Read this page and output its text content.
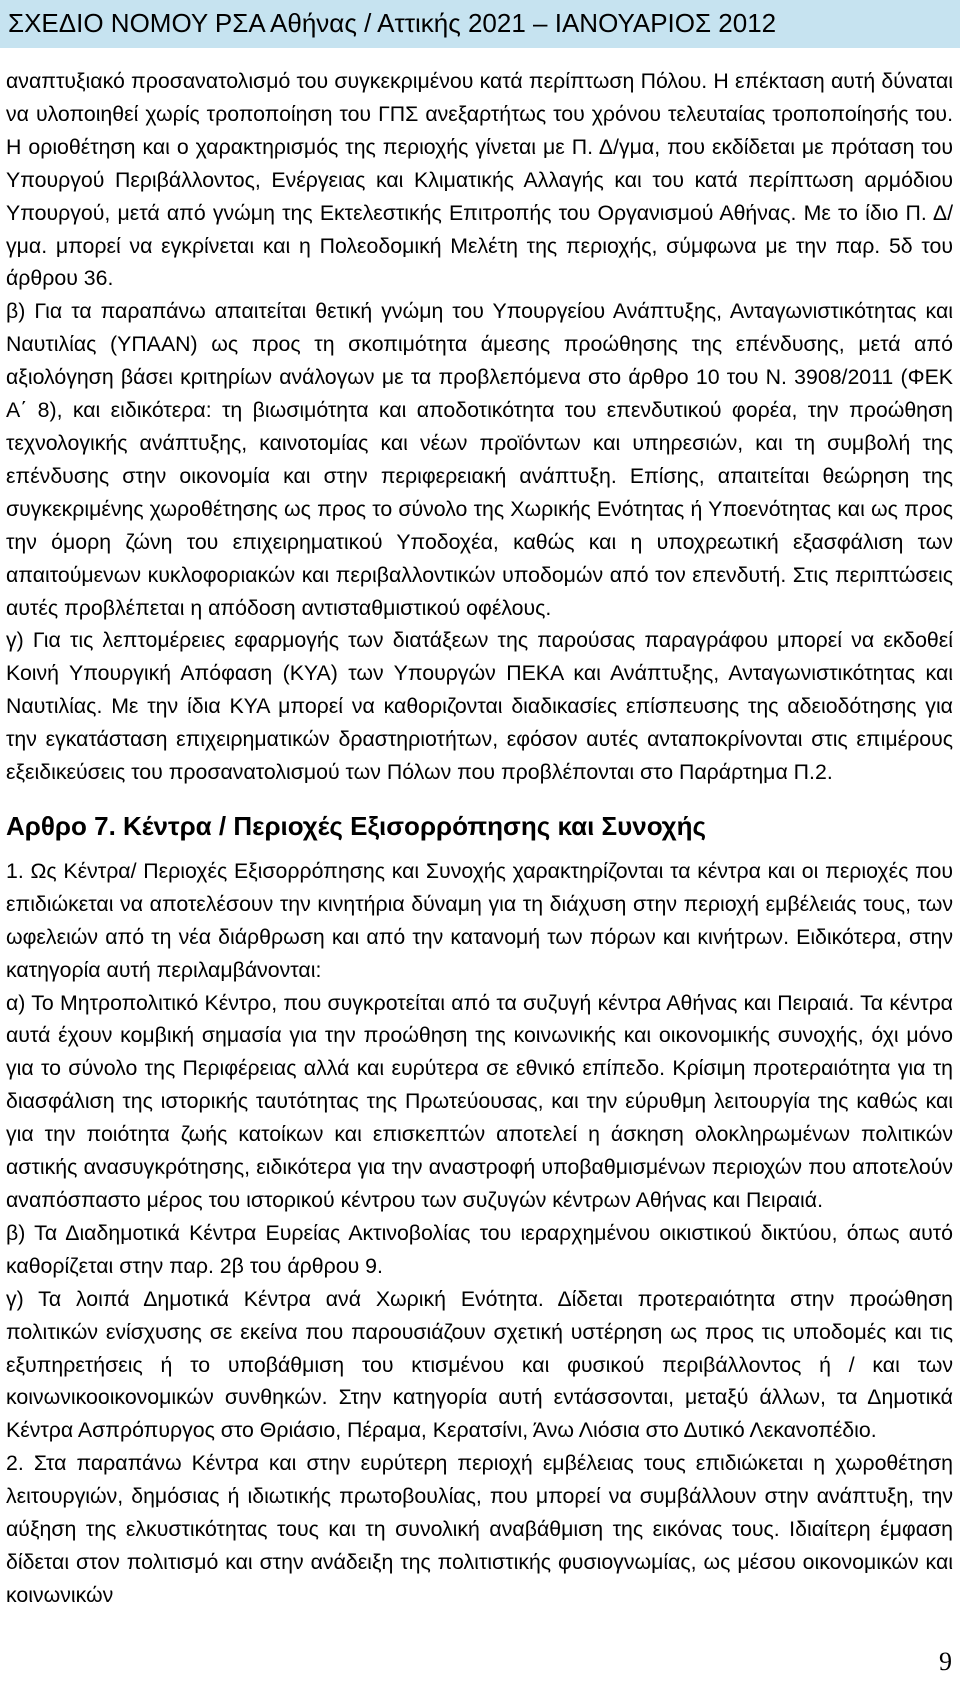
ΣΧΕΔΙΟ ΝΟΜΟΥ ΡΣΑ Αθήνας / Αττικής 2021 – ΙΑΝΟΥΑΡΙΟΣ 2012

αναπτυξιακό προσανατολισμό του συγκεκριμένου κατά περίπτωση Πόλου. Η επέκταση αυτή δύναται να υλοποιηθεί χωρίς τροποποίηση του ΓΠΣ ανεξαρτήτως του χρόνου τελευταίας τροποποίησής του. Η οριοθέτηση και ο χαρακτηρισμός της περιοχής γίνεται με Π. Δ/γμα, που εκδίδεται με πρόταση του Υπουργού Περιβάλλοντος, Ενέργειας και Κλιματικής Αλλαγής και του κατά περίπτωση αρμόδιου Υπουργού, μετά από γνώμη της Εκτελεστικής Επιτροπής του Οργανισμού Αθήνας. Με το ίδιο Π. Δ/γμα. μπορεί να εγκρίνεται και η Πολεοδομική Μελέτη της περιοχής, σύμφωνα με την παρ. 5δ του άρθρου 36.

β) Για τα παραπάνω απαιτείται θετική γνώμη του Υπουργείου Ανάπτυξης, Ανταγωνιστικότητας και Ναυτιλίας (ΥΠΑΑΝ) ως προς τη σκοπιμότητα άμεσης προώθησης της επένδυσης, μετά από αξιολόγηση βάσει κριτηρίων ανάλογων με τα προβλεπόμενα στο άρθρο 10 του Ν. 3908/2011 (ΦΕΚ Α΄ 8), και ειδικότερα: τη βιωσιμότητα και αποδοτικότητα του επενδυτικού φορέα, την προώθηση τεχνολογικής ανάπτυξης, καινοτομίας και νέων προϊόντων και υπηρεσιών, και τη συμβολή της επένδυσης στην οικονομία και στην περιφερειακή ανάπτυξη. Επίσης, απαιτείται θεώρηση της συγκεκριμένης χωροθέτησης ως προς το σύνολο της Χωρικής Ενότητας ή Υποενότητας και ως προς την όμορη ζώνη του επιχειρηματικού Υποδοχέα, καθώς και η υποχρεωτική εξασφάλιση των απαιτούμενων κυκλοφοριακών και περιβαλλοντικών υποδομών από τον επενδυτή. Στις περιπτώσεις αυτές προβλέπεται η απόδοση αντισταθμιστικού οφέλους.

γ) Για τις λεπτομέρειες εφαρμογής των διατάξεων της παρούσας παραγράφου μπορεί να εκδοθεί Κοινή Υπουργική Απόφαση (ΚΥΑ) των Υπουργών ΠΕΚΑ και Ανάπτυξης, Ανταγωνιστικότητας και Ναυτιλίας. Με την ίδια ΚΥΑ μπορεί να καθοριζονται διαδικασίες επίσπευσης της αδειοδότησης για την εγκατάσταση επιχειρηματικών δραστηριοτήτων, εφόσον αυτές ανταποκρίνονται στις επιμέρους εξειδικεύσεις του προσανατολισμού των Πόλων που προβλέπονται στο Παράρτημα Π.2.

Αρθρο 7. Κέντρα / Περιοχές Εξισορρόπησης και Συνοχής

1. Ως Κέντρα/ Περιοχές Εξισορρόπησης και Συνοχής χαρακτηρίζονται τα κέντρα και οι περιοχές που επιδιώκεται να αποτελέσουν την κινητήρια δύναμη για τη διάχυση στην περιοχή εμβέλειάς τους, των ωφελειών από τη νέα διάρθρωση και από την κατανομή των πόρων και κινήτρων. Ειδικότερα, στην κατηγορία αυτή περιλαμβάνονται:

α) Το Μητροπολιτικό Κέντρο, που συγκροτείται από τα συζυγή κέντρα Αθήνας και Πειραιά. Τα κέντρα αυτά έχουν κομβική σημασία για την προώθηση της κοινωνικής και οικονομικής συνοχής, όχι μόνο για το σύνολο της Περιφέρειας αλλά και ευρύτερα σε εθνικό επίπεδο. Κρίσιμη προτεραιότητα για τη διασφάλιση της ιστορικής ταυτότητας της Πρωτεύουσας, και την εύρυθμη λειτουργία της καθώς και για την ποιότητα ζωής κατοίκων και επισκεπτών αποτελεί η άσκηση ολοκληρωμένων πολιτικών αστικής ανασυγκρότησης, ειδικότερα για την αναστροφή υποβαθμισμένων περιοχών που αποτελούν αναπόσπαστο μέρος του ιστορικού κέντρου των συζυγών κέντρων Αθήνας και Πειραιά.

β) Τα Διαδημοτικά Κέντρα Ευρείας Ακτινοβολίας του ιεραρχημένου οικιστικού δικτύου, όπως αυτό καθορίζεται στην παρ. 2β του άρθρου 9.

γ) Τα λοιπά Δημοτικά Κέντρα ανά Χωρική Ενότητα. Δίδεται προτεραιότητα στην προώθηση πολιτικών ενίσχυσης σε εκείνα που παρουσιάζουν σχετική υστέρηση ως προς τις υποδομές και τις εξυπηρετήσεις ή το υποβάθμιση του κτισμένου και φυσικού περιβάλλοντος ή / και των κοινωνικοοικονομικών συνθηκών. Στην κατηγορία αυτή εντάσσονται, μεταξύ άλλων, τα Δημοτικά Κέντρα Ασπρόπυργος στο Θριάσιο, Πέραμα, Κερατσίνι, Άνω Λιόσια στο Δυτικό Λεκανοπέδιο.

2. Στα παραπάνω Κέντρα και στην ευρύτερη περιοχή εμβέλειας τους επιδιώκεται η χωροθέτηση λειτουργιών, δημόσιας ή ιδιωτικής πρωτοβουλίας, που μπορεί να συμβάλλουν στην ανάπτυξη, την αύξηση της ελκυστικότητας τους και τη συνολική αναβάθμιση της εικόνας τους. Ιδιαίτερη έμφαση δίδεται στον πολιτισμό και στην ανάδειξη της πολιτιστικής φυσιογνωμίας, ως μέσου οικονομικών και κοινωνικών

9
